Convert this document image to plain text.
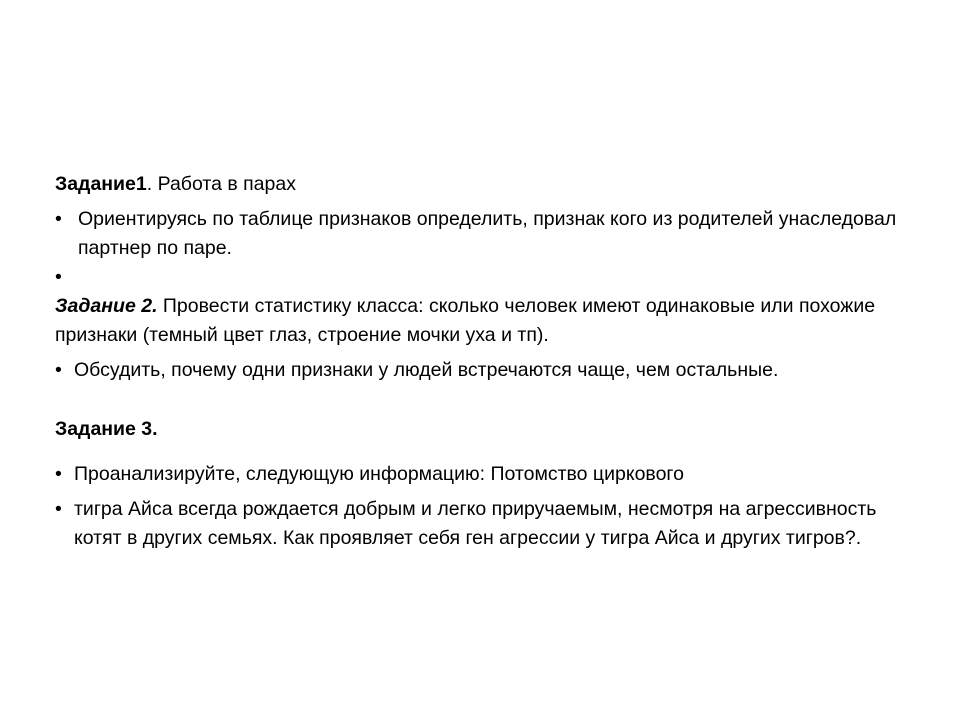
Задание1. Работа в парах
• Ориентируясь по таблице признаков определить, признак кого из родителей унаследовал партнер по паре.
•
Задание 2. Провести статистику класса: сколько человек имеют одинаковые или похожие признаки (темный цвет глаз, строение мочки уха и тп).
• Обсудить, почему одни признаки у людей встречаются чаще, чем остальные.
Задание 3.
• Проанализируйте, следующую информацию: Потомство циркового
• тигра Айса всегда рождается добрым и легко приручаемым, несмотря на агрессивность котят в других семьях. Как проявляет себя ген агрессии у тигра Айса и других тигров?.
